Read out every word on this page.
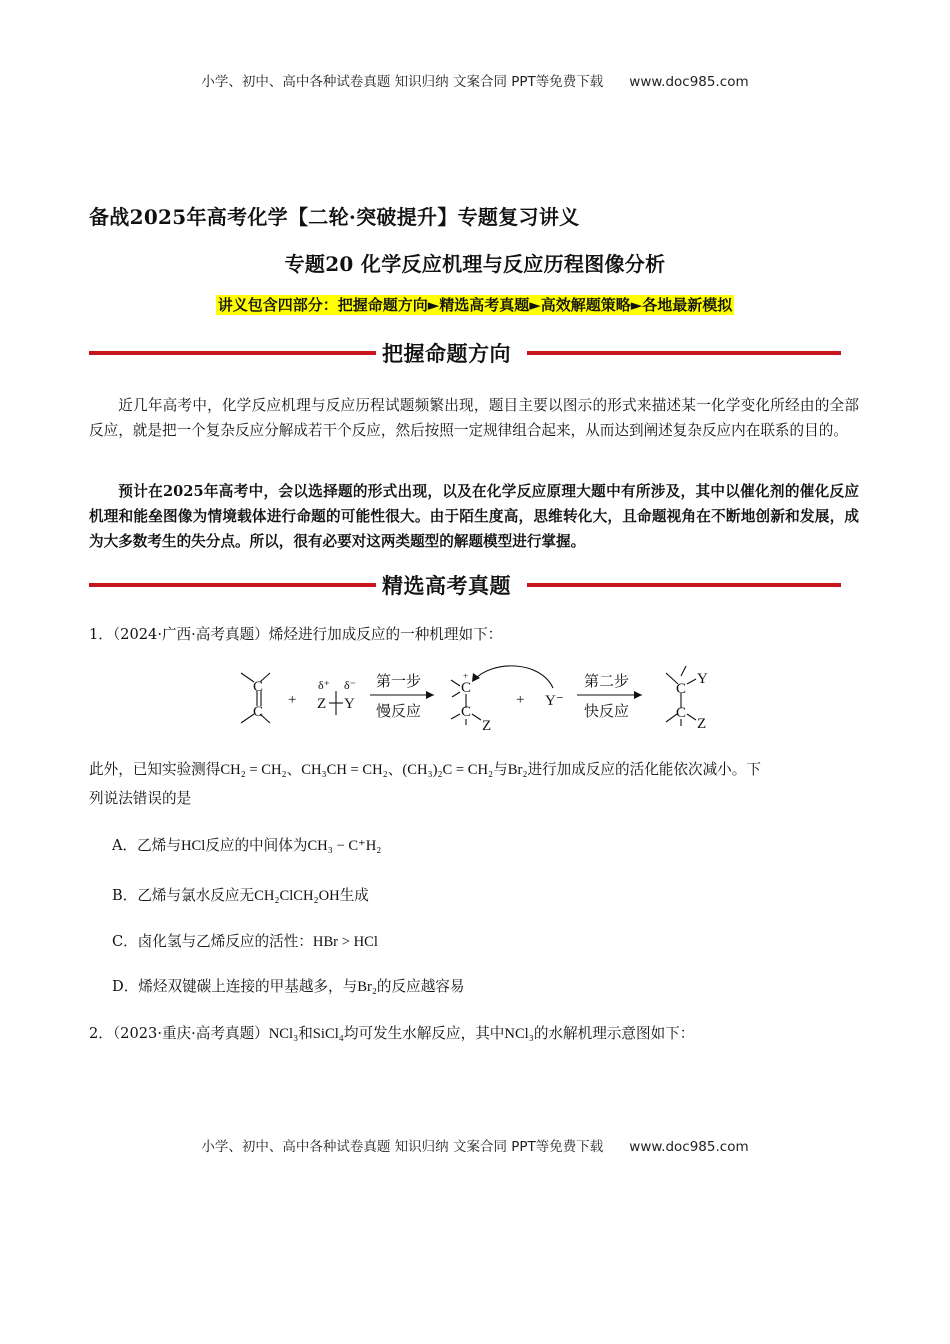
小学、初中、高中各种试卷真题 知识归纳 文案合同 PPT等免费下载 www.doc985.com
备战2025年高考化学【二轮·突破提升】专题复习讲义
专题20 化学反应机理与反应历程图像分析
讲义包含四部分：把握命题方向►精选高考真题►高效解题策略►各地最新模拟
把握命题方向
近几年高考中，化学反应机理与反应历程试题频繁出现，题目主要以图示的形式来描述某一化学变化所经由的全部反应，就是把一个复杂反应分解成若干个反应，然后按照一定规律组合起来，从而达到阐述复杂反应内在联系的目的。
预计在2025年高考中，会以选择题的形式出现，以及在化学反应原理大题中有所涉及，其中以催化剂的催化反应机理和能垒图像为情境载体进行命题的可能性很大。由于陌生度高，思维转化大，且命题视角在不断地创新和发展，成为大多数考生的失分点。所以，很有必要对这两类题型的解题模型进行掌握。
精选高考真题
1．（2024·广西·高考真题）烯烃进行加成反应的一种机理如下：
C
C
+
δ⁺ δ⁻
Z Y
第一步
慢反应
+
C
C
Z
+ Y⁻
第二步
快反应
C
C
Y
Z
此外，已知实验测得CH₂ = CH₂、CH₃CH = CH₂、(CH₃)₂C = CH₂与Br₂进行加成反应的活化能依次减小。下
列说法错误的是
A．乙烯与HCl反应的中间体为CH₃ − C⁺H₂
B．乙烯与氯水反应无CH₂ClCH₂OH生成
C．卤化氢与乙烯反应的活性：HBr > HCl
D．烯烃双键碳上连接的甲基越多，与Br₂的反应越容易
2．（2023·重庆·高考真题）NCl₃和SiCl₄均可发生水解反应，其中NCl₃的水解机理示意图如下：
小学、初中、高中各种试卷真题 知识归纳 文案合同 PPT等免费下载 www.doc985.com
